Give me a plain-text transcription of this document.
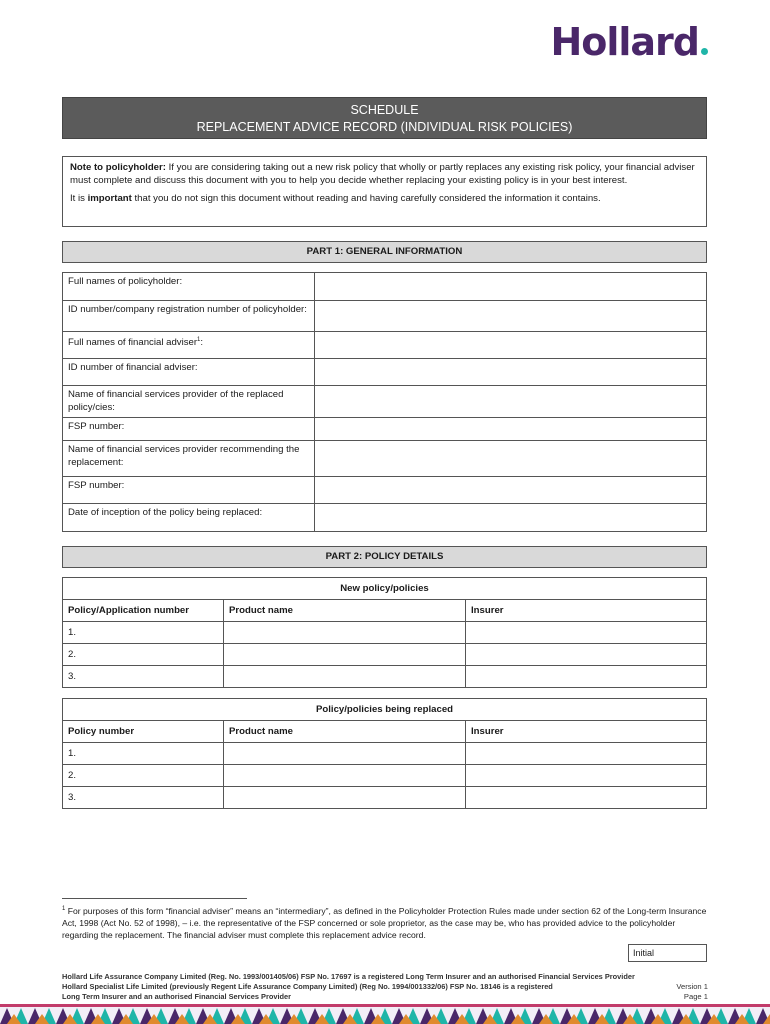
Hollard
SCHEDULE
REPLACEMENT ADVICE RECORD (INDIVIDUAL RISK POLICIES)

Note to policyholder: If you are considering taking out a new risk policy that wholly or partly replaces any existing risk policy, your financial adviser must complete and discuss this document with you to help you decide whether replacing your existing policy is in your best interest.

It is important that you do not sign this document without reading and having carefully considered the information it contains.

PART 1: GENERAL INFORMATION
Full names of policyholder:	
ID number/company registration number of policyholder:	
Full names of financial adviser$^1$:	
ID number of financial adviser:	
Name of financial services provider of the replaced policy/cies:	
FSP number:	
Name of financial services provider recommending the replacement:	
FSP number:	
Date of inception of the policy being replaced:	
PART 2: POLICY DETAILS
New policy/policies		
Policy/Application number	Product name	Insurer
1.		
2.		
3.		
Policy/policies being replaced		
Policy number	Product name	Insurer
1.		
2.		
3.		
$^1$ For purposes of this form “financial adviser” means an “intermediary”, as defined in the Policyholder Protection Rules made under section 62 of the Long-term Insurance Act, 1998 (Act No. 52 of 1998), – i.e. the representative of the FSP concerned or sole proprietor, as the case may be, who has provided advice to the policyholder regarding the replacement. The financial adviser must complete this replacement advice record.
Initial
Hollard Life Assurance Company Limited (Reg. No. 1993/001405/06) FSP No. 17697 is a registered Long Term Insurer and an authorised Financial Services Provider
Hollard Specialist Life Limited (previously Regent Life Assurance Company Limited) (Reg No. 1994/001332/06) FSP No. 18146 is a registered
Long Term Insurer and an authorised Financial Services Provider
Version 1
Page 1
